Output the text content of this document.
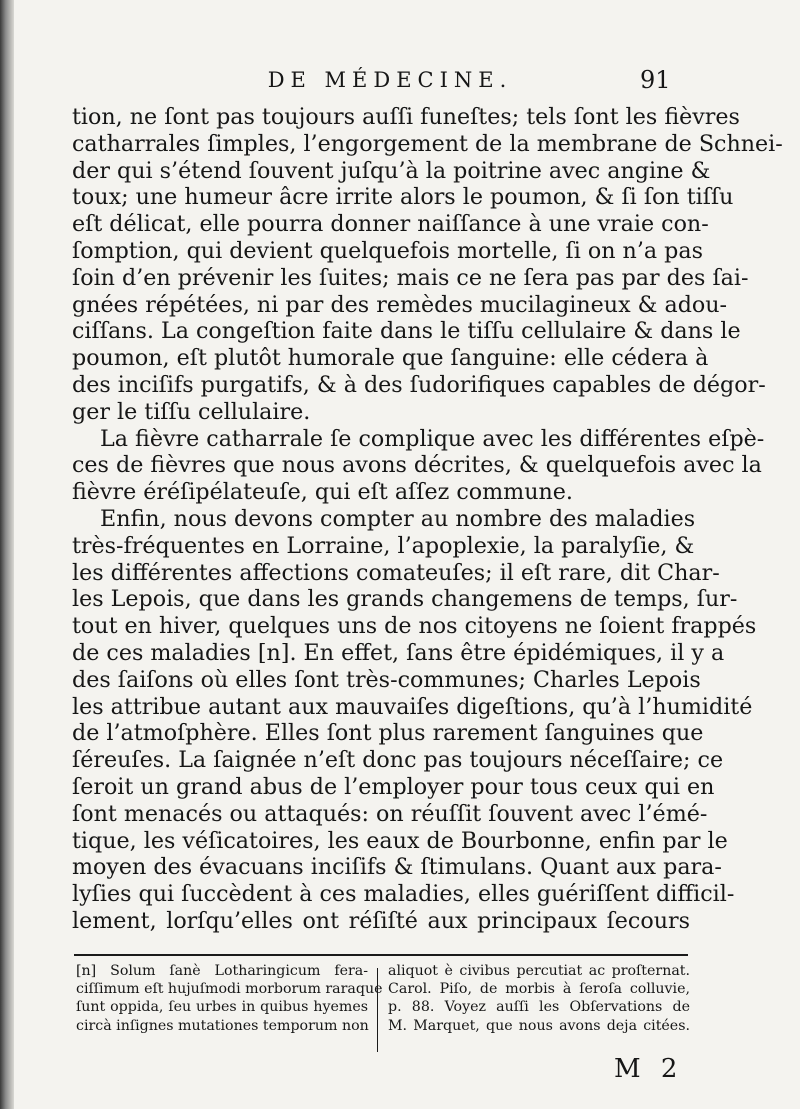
DE MÉDECINE.	91
tion, ne ſont pas toujours auſſi funeſtes; tels ſont les fièvres
catharrales ſimples, l’engorgement de la membrane de Schnei-
der qui s’étend ſouvent juſqu’à la poitrine avec angine &
toux; une humeur âcre irrite alors le poumon, & ſi ſon tiſſu
eſt délicat, elle pourra donner naiſſance à une vraie con-
ſomption, qui devient quelquefois mortelle, ſi on n’a pas
ſoin d’en prévenir les ſuites; mais ce ne ſera pas par des ſai-
gnées répétées, ni par des remèdes mucilagineux & adou-
ciſſans. La congeſtion faite dans le tiſſu cellulaire & dans le
poumon, eſt plutôt humorale que ſanguine: elle cédera à
des inciſifs purgatifs, & à des ſudorifiques capables de dégor-
ger le tiſſu cellulaire.
La fièvre catharrale ſe complique avec les différentes eſpè-
ces de fièvres que nous avons décrites, & quelquefois avec la
fièvre éréſipélateuſe, qui eſt aſſez commune.
Enfin, nous devons compter au nombre des maladies
très-fréquentes en Lorraine, l’apoplexie, la paralyſie, &
les différentes affections comateuſes; il eſt rare, dit Char-
les Lepois, que dans les grands changemens de temps, ſur-
tout en hiver, quelques uns de nos citoyens ne ſoient frappés
de ces maladies [n]. En effet, ſans être épidémiques, il y a
des ſaiſons où elles ſont très-communes; Charles Lepois
les attribue autant aux mauvaiſes digeſtions, qu’à l’humidité
de l’atmoſphère. Elles ſont plus rarement ſanguines que
ſéreuſes. La ſaignée n’eſt donc pas toujours néceſſaire; ce
ſeroit un grand abus de l’employer pour tous ceux qui en
ſont menacés ou attaqués: on réuſſit ſouvent avec l’émé-
tique, les véſicatoires, les eaux de Bourbonne, enfin par le
moyen des évacuans inciſifs & ſtimulans. Quant aux para-
lyſies qui ſuccèdent à ces maladies, elles guériſſent difficil-
lement, lorſqu’elles ont réſiſté aux principaux ſecours
[n] Solum ſanè Lotharingicum fera-
ciſſimum eſt hujuſmodi morborum raraque
ſunt oppida, ſeu urbes in quibus hyemes
circà inſignes mutationes temporum non
aliquot è civibus percutiat ac proſternat.
Carol. Piſo, de morbis à ſeroſa colluvie,
p. 88. Voyez auſſi les Obſervations de
M. Marquet, que nous avons deja citées.
M 2
